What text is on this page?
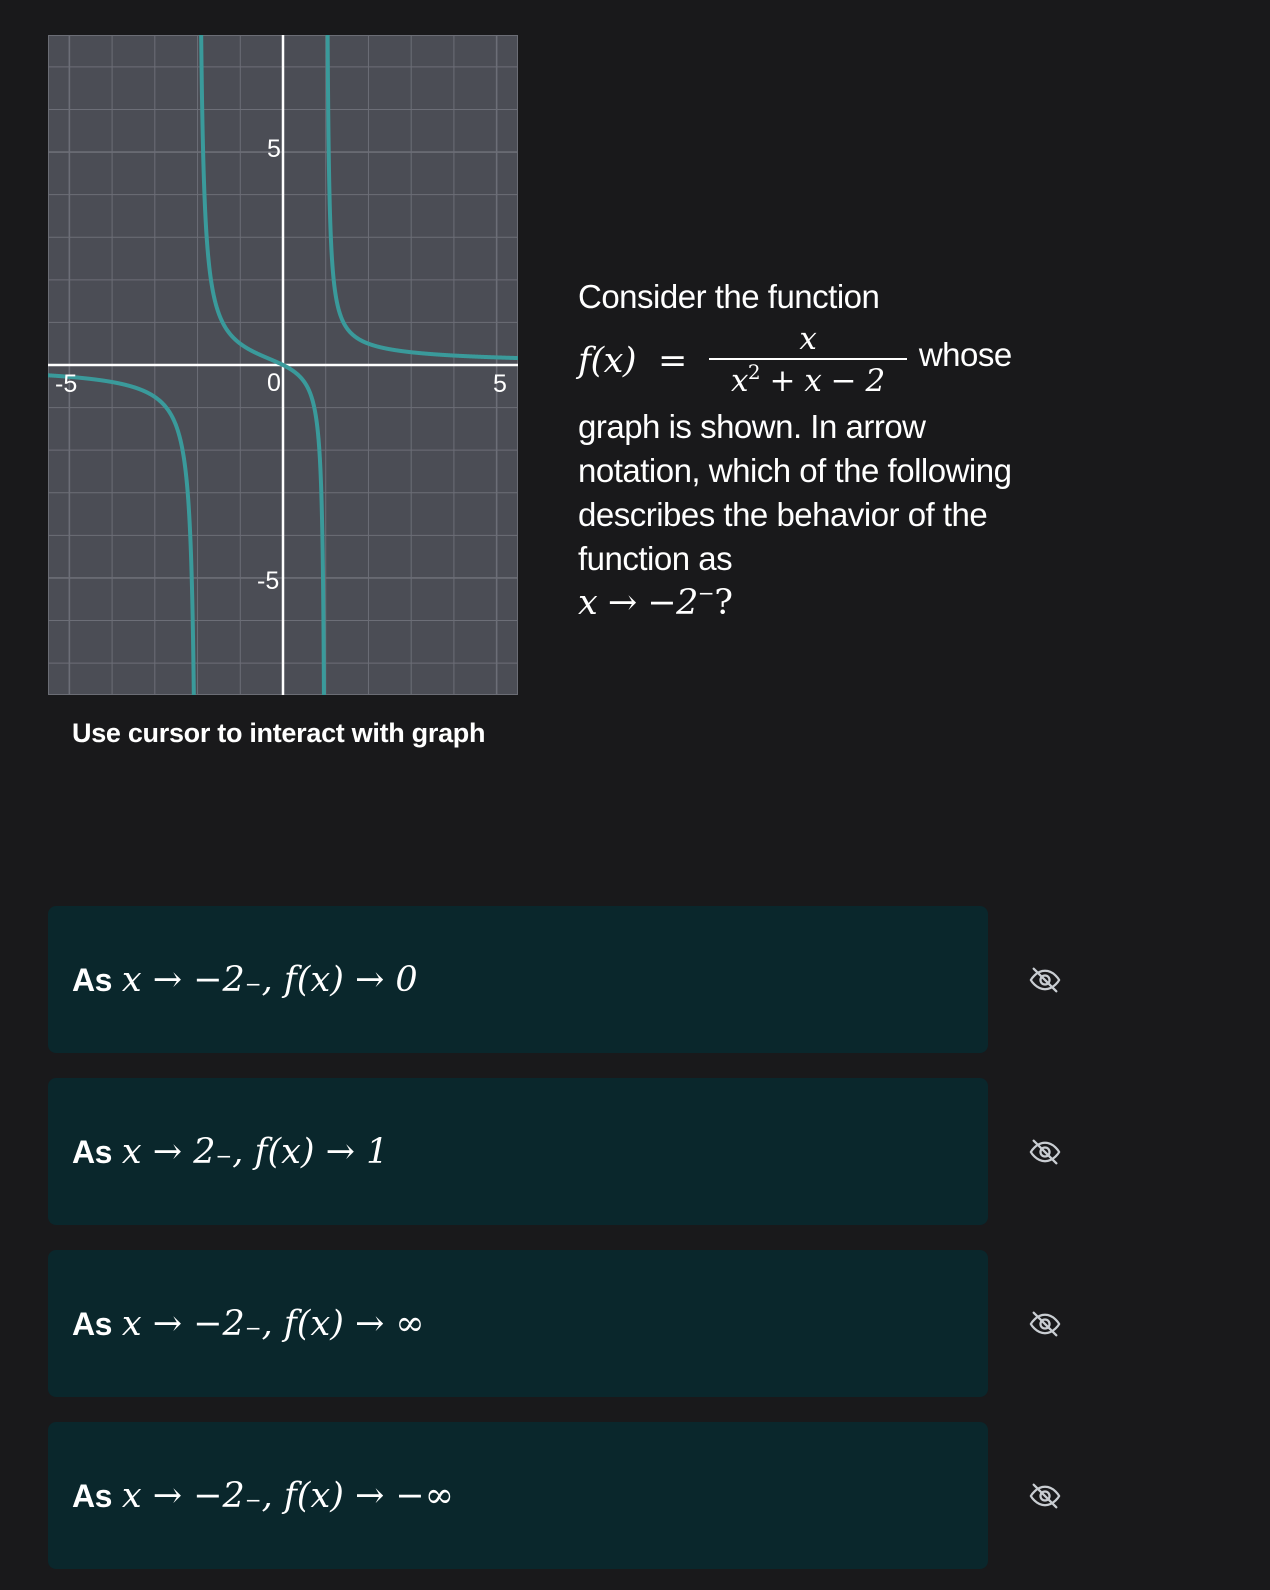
5
0
-5
-5	5
Use cursor to interact with graph
Consider the function
$f(x) = \frac{x}{x^2 + x - 2}$ whose
graph is shown. In arrow notation, which of the following describes the behavior of the function as
x → −2−?
As x → −2 − , f(x) → 0
As x → 2 − , f(x) → 1
As x → −2 − , f(x) → ∞
As x → −2 − , f(x) → −∞
